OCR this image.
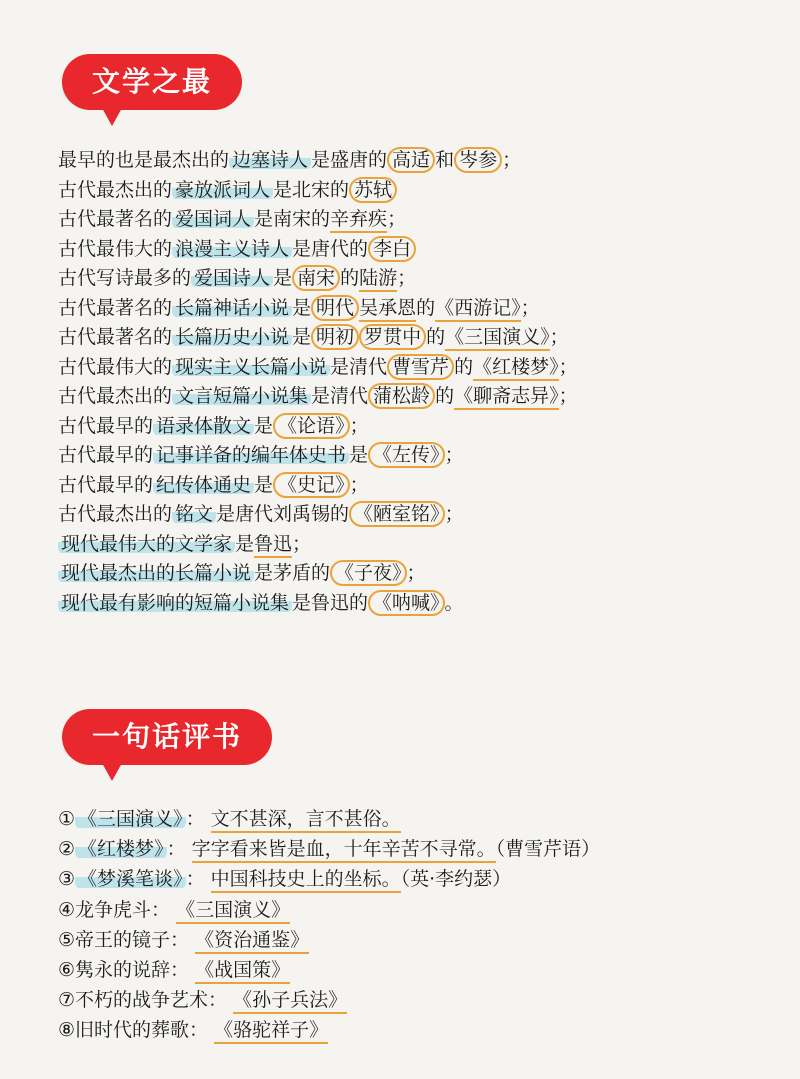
文学之最
最早的也是最杰出的 边塞诗人 是盛唐的 高适 和 岑参 ；
古代最杰出的 豪放派词人 是北宋的 苏轼
古代最著名的 爱国词人 是南宋的辛弃疾；
古代最伟大的 浪漫主义诗人 是唐代的 李白
古代写诗最多的 爱国诗人 是 南宋 的陆游；
古代最著名的 长篇神话小说 是 明代 吴承恩的《西游记》；
古代最著名的 长篇历史小说 是 明初 罗贯中 的《三国演义》；
古代最伟大的 现实主义长篇小说 是清代 曹雪芹 的《红楼梦》；
古代最杰出的 文言短篇小说集 是清代 蒲松龄 的《聊斋志异》；
古代最早的 语录体散文 是 《论语》 ；
古代最早的 记事详备的编年体史书 是 《左传》 ；
古代最早的 纪传体通史 是 《史记》 ；
古代最杰出的 铭文 是唐代刘禹锡的 《陋室铭》 ；
现代最伟大的文学家 是鲁迅；
现代最杰出的长篇小说 是茅盾的 《子夜》 ；
现代最有影响的短篇小说集 是鲁迅的 《呐喊》 。
一句话评书
① 《三国演义》 ： 文不甚深，言不甚俗。
② 《红楼梦》 ： 字字看来皆是血，十年辛苦不寻常。（曹雪芹语）
③ 《梦溪笔谈》 ： 中国科技史上的坐标。（英·李约瑟）
④龙争虎斗： 《三国演义》
⑤帝王的镜子： 《资治通鉴》
⑥隽永的说辞： 《战国策》
⑦不朽的战争艺术： 《孙子兵法》
⑧旧时代的葬歌： 《骆驼祥子》
